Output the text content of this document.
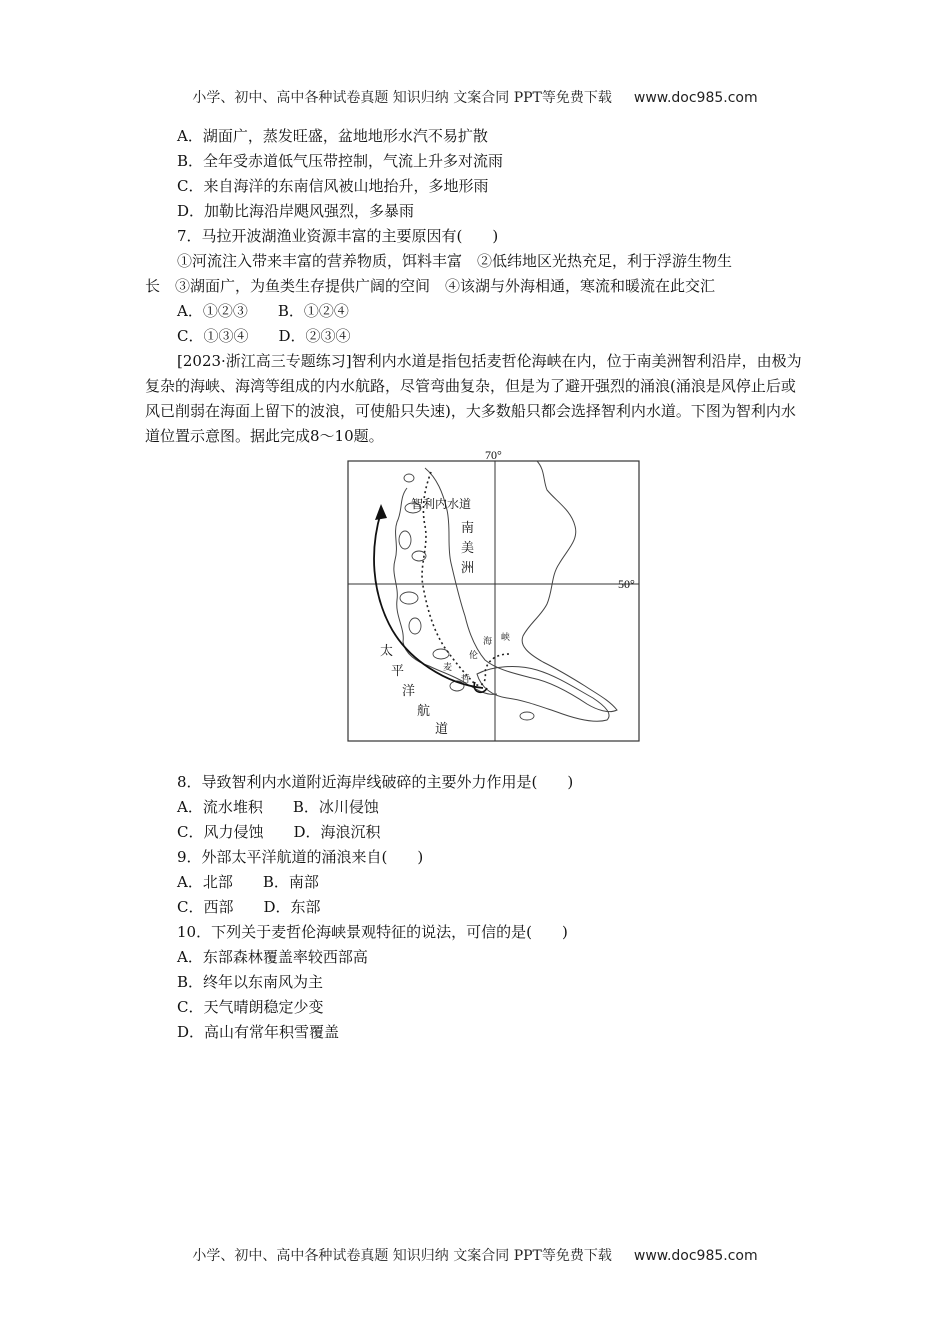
小学、初中、高中各种试卷真题 知识归纳 文案合同 PPT等免费下载 www.doc985.com
A．湖面广，蒸发旺盛，盆地地形水汽不易扩散
B．全年受赤道低气压带控制，气流上升多对流雨
C．来自海洋的东南信风被山地抬升，多地形雨
D．加勒比海沿岸飓风强烈，多暴雨
7．马拉开波湖渔业资源丰富的主要原因有(　　)
①河流注入带来丰富的营养物质，饵料丰富　②低纬地区光热充足，利于浮游生物生
长　③湖面广，为鱼类生存提供广阔的空间　④该湖与外海相通，寒流和暖流在此交汇
A．①②③ B．①②④
C．①③④ D．②③④

[2023·浙江高三专题练习]智利内水道是指包括麦哲伦海峡在内，位于南美洲智利沿岸，由极为复杂的海峡、海湾等组成的内水航路，尽管弯曲复杂，但是为了避开强烈的涌浪(涌浪是风停止后或风已削弱在海面上留下的波浪，可使船只失速)，大多数船只都会选择智利内水道。下图为智利内水道位置示意图。据此完成8～10题。

70°
50°
智利内水道
南
美
洲
太
平
洋
航
道
麦
哲
伦
海 峡
8．导致智利内水道附近海岸线破碎的主要外力作用是(　　)
A．流水堆积 B．冰川侵蚀
C．风力侵蚀 D．海浪沉积
9．外部太平洋航道的涌浪来自(　　)
A．北部 B．南部
C．西部 D．东部
10．下列关于麦哲伦海峡景观特征的说法，可信的是(　　)
A．东部森林覆盖率较西部高
B．终年以东南风为主
C．天气晴朗稳定少变
D．高山有常年积雪覆盖
小学、初中、高中各种试卷真题 知识归纳 文案合同 PPT等免费下载 www.doc985.com
